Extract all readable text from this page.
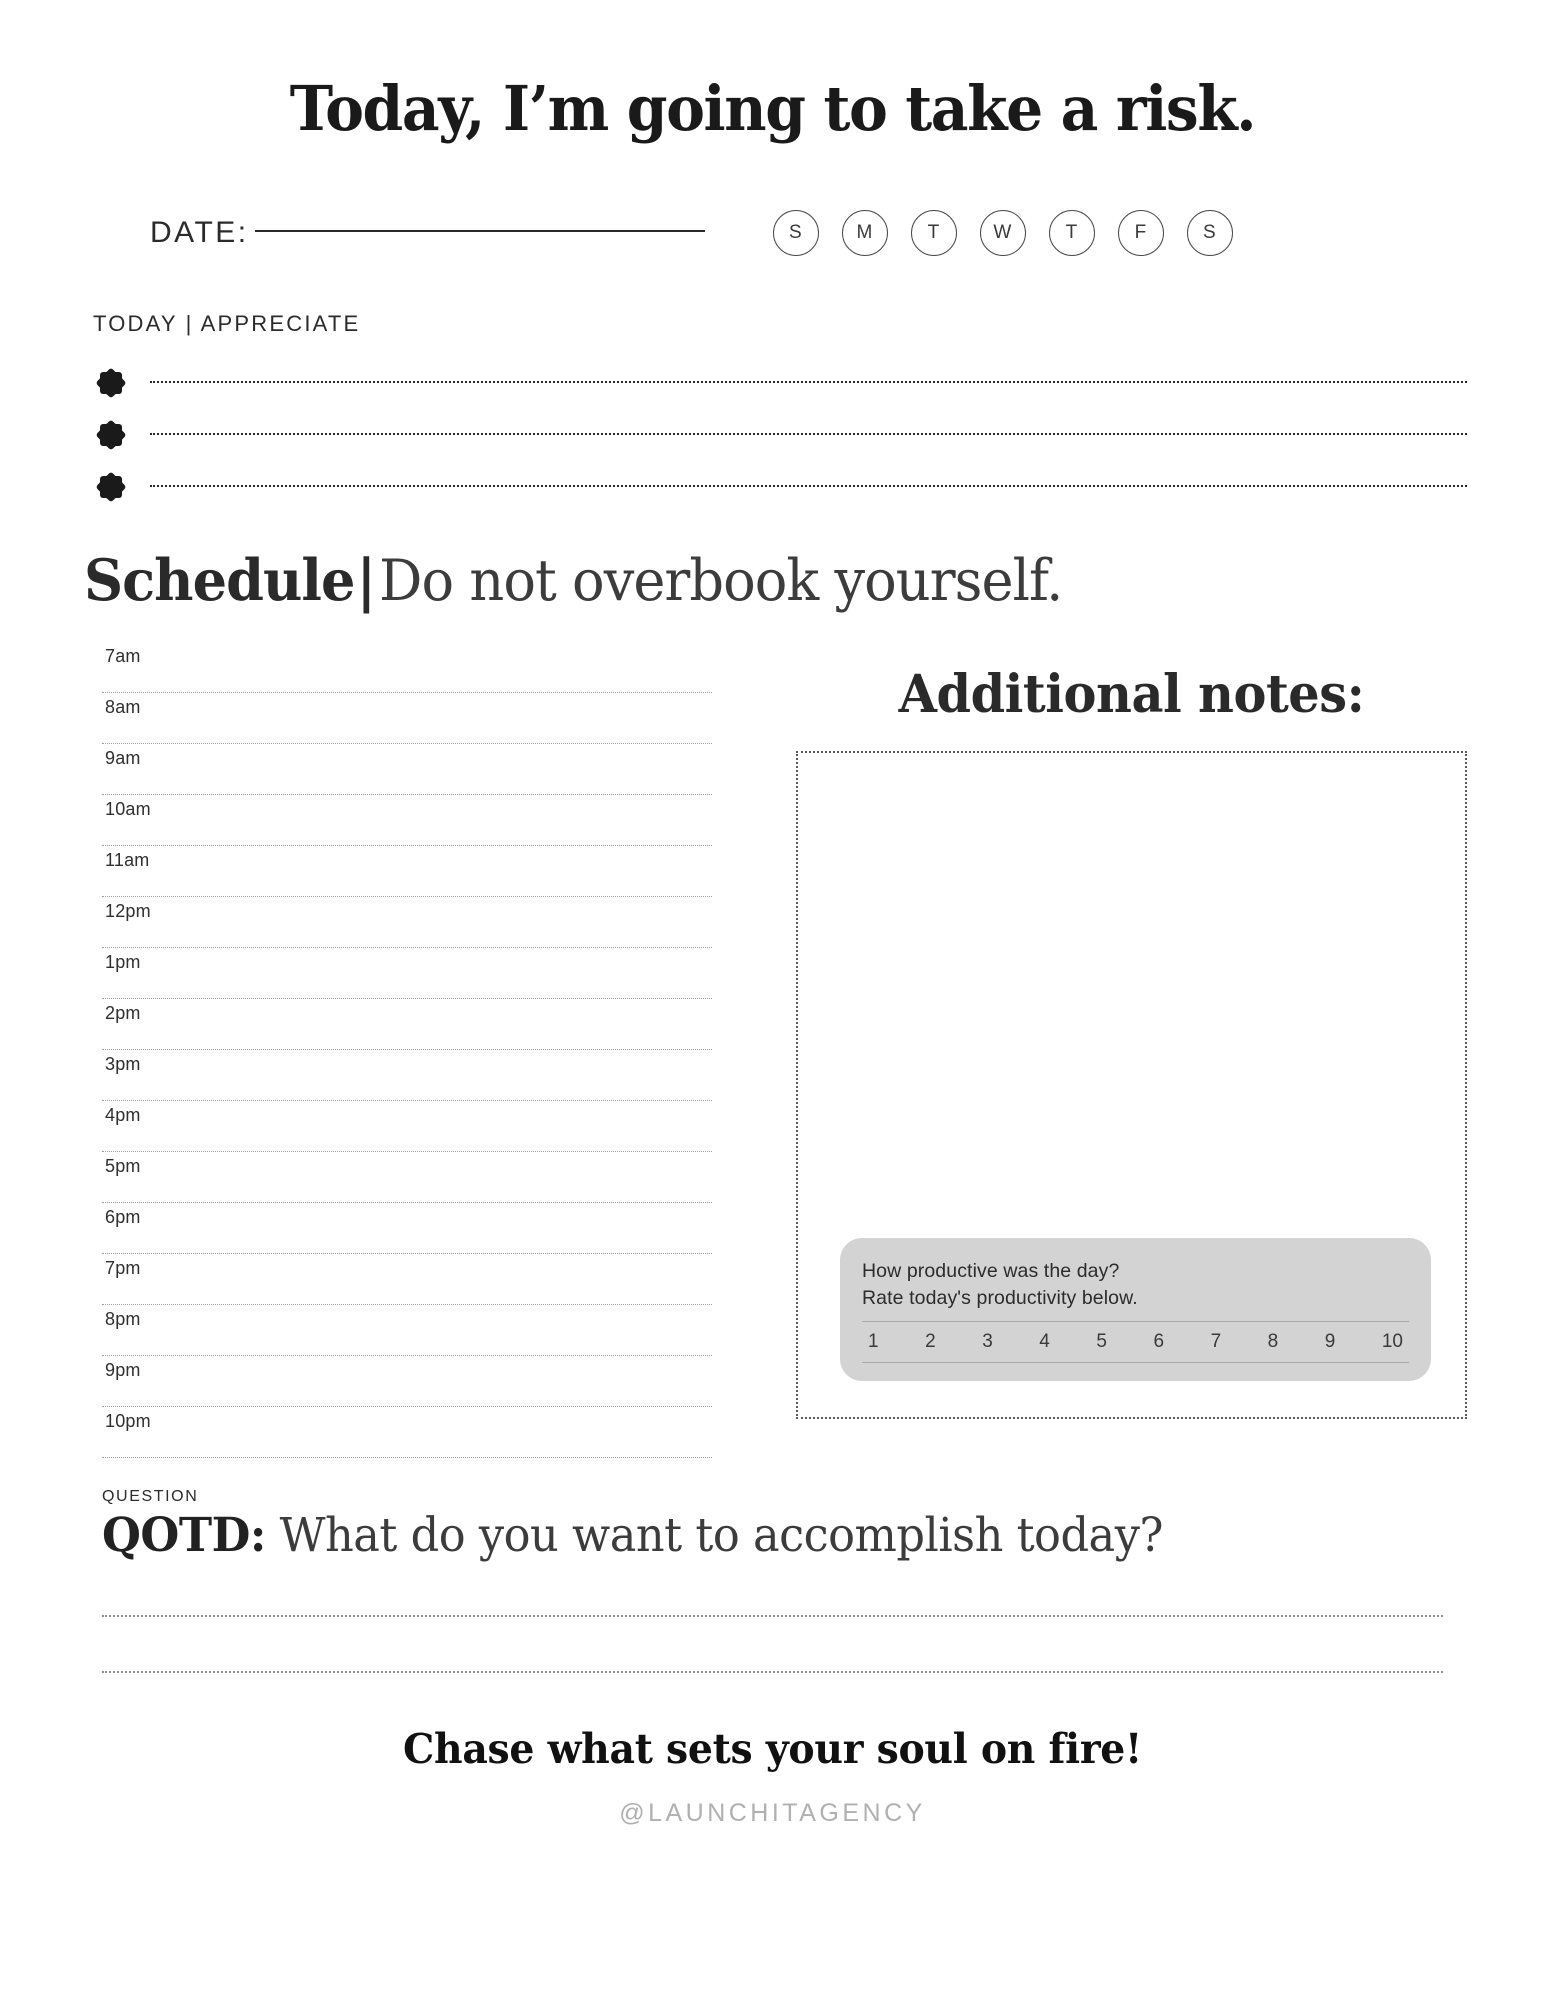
Today, I’m going to take a risk.
DATE:	S	M	T	W	T	F	S
TODAY | APPRECIATE
Schedule|Do not overbook yourself.
7am
8am
9am
10am
11am
12pm
1pm
2pm
3pm
4pm
5pm
6pm
7pm
8pm
9pm
10pm
Additional notes:
How productive was the day?
Rate today's productivity below.
1 2 3 4 5 6 7 8 9 10
QUESTION
QOTD: What do you want to accomplish today?
Chase what sets your soul on fire!
@LAUNCHITAGENCY
